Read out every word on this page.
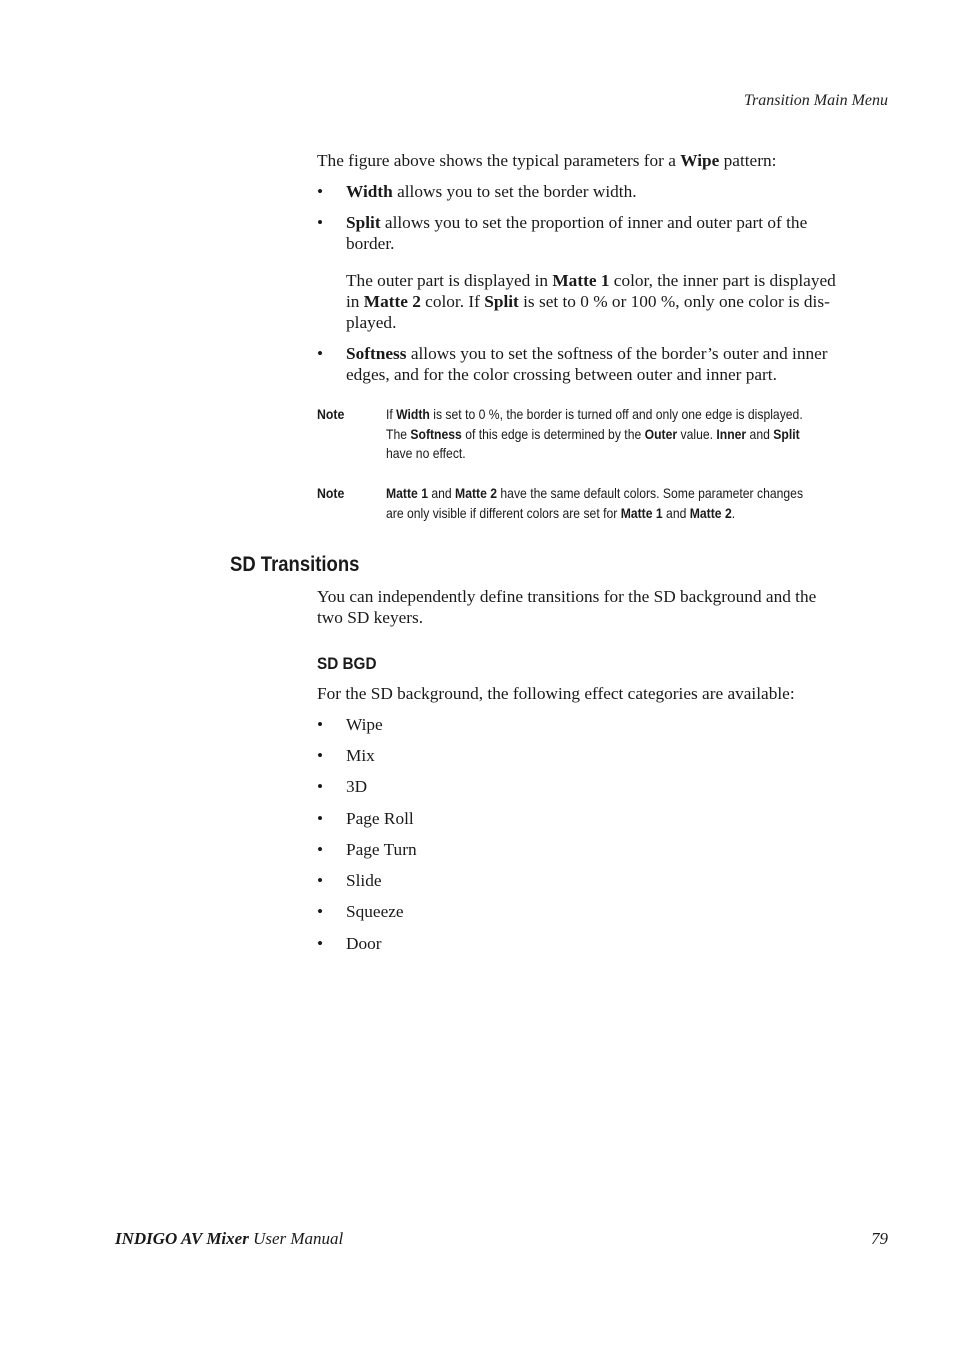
Transition Main Menu
The figure above shows the typical parameters for a Wipe pattern:
• Width allows you to set the border width.
• Split allows you to set the proportion of inner and outer part of the
border.
The outer part is displayed in Matte 1 color, the inner part is displayed
in Matte 2 color. If Split is set to 0 % or 100 %, only one color is dis-
played.
• Softness allows you to set the softness of the border’s outer and inner
edges, and for the color crossing between outer and inner part.
Note	If Width is set to 0 %, the border is turned off and only one edge is displayed.
The Softness of this edge is determined by the Outer value. Inner and Split
have no effect.
Note	Matte 1 and Matte 2 have the same default colors. Some parameter changes
are only visible if different colors are set for Matte 1 and Matte 2.
SD Transitions
You can independently define transitions for the SD background and the
two SD keyers.
SD BGD
For the SD background, the following effect categories are available:
• Wipe
• Mix
• 3D
• Page Roll
• Page Turn
• Slide
• Squeeze
• Door
INDIGO AV Mixer User Manual	79
